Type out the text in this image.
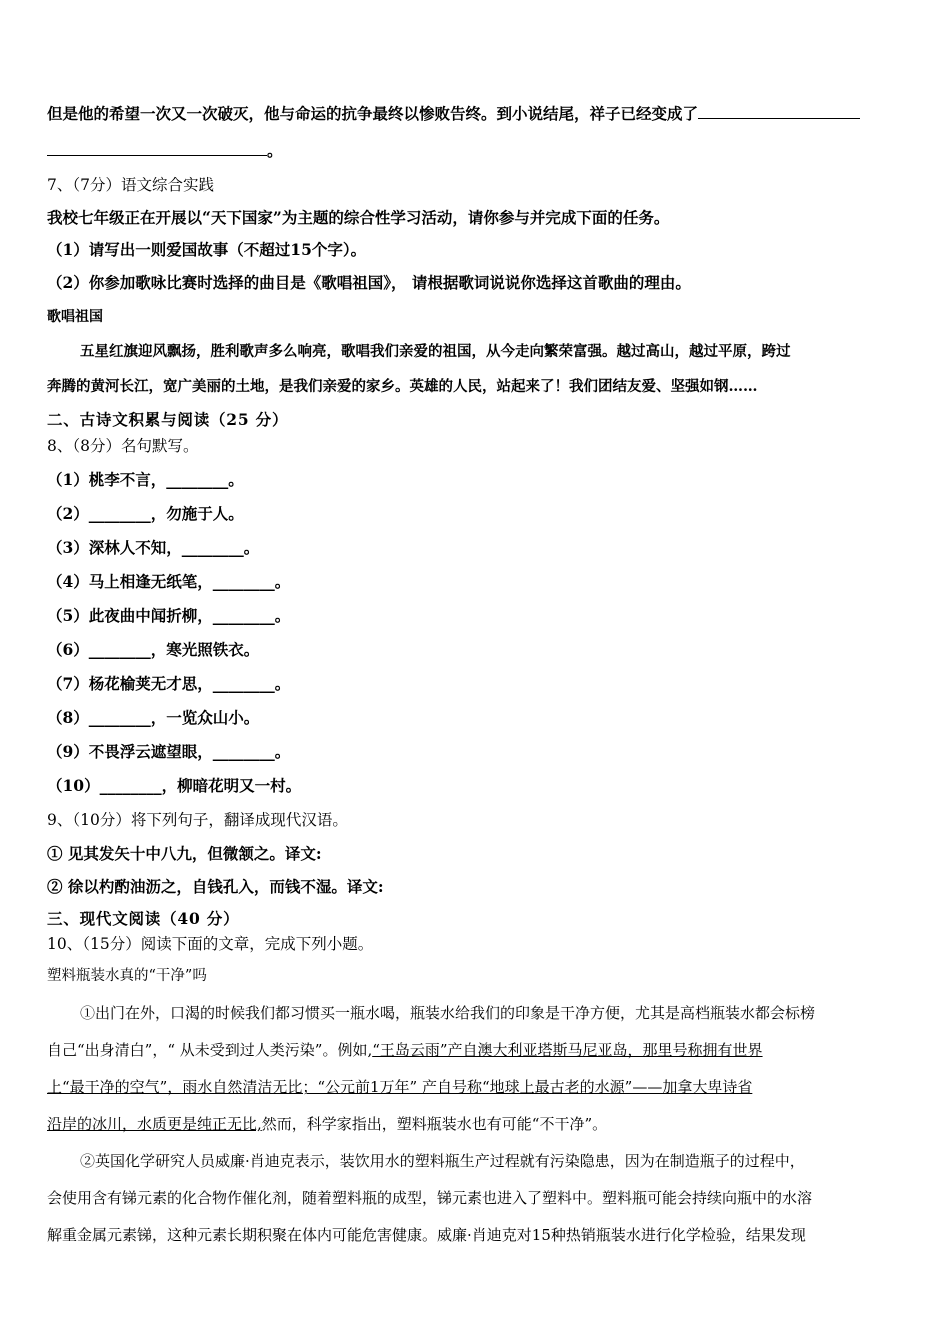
但是他的希望一次又一次破灭，他与命运的抗争最终以惨败告终。到小说结尾，祥子已经变成了
。
7、（7分）语文综合实践
我校七年级正在开展以“天下国家”为主题的综合性学习活动，请你参与并完成下面的任务。
（1）请写出一则爱国故事（不超过15个字）。
（2）你参加歌咏比赛时选择的曲目是《歌唱祖国》， 请根据歌词说说你选择这首歌曲的理由。
歌唱祖国
五星红旗迎风飘扬，胜利歌声多么响亮，歌唱我们亲爱的祖国，从今走向繁荣富强。越过高山，越过平原，跨过
奔腾的黄河长江，宽广美丽的土地，是我们亲爱的家乡。英雄的人民，站起来了！我们团结友爱、坚强如钢……
二、古诗文积累与阅读（25 分）
8、（8分）名句默写。
（1）桃李不言，________。
（2）________，勿施于人。
（3）深林人不知，________。
（4）马上相逢无纸笔，________。
（5）此夜曲中闻折柳，________。
（6）________，寒光照铁衣。
（7）杨花榆荚无才思，________。
（8）________，一览众山小。
（9）不畏浮云遮望眼，________。
（10）________，柳暗花明又一村。
9、（10分）将下列句子，翻译成现代汉语。
① 见其发矢十中八九，但微颔之。译文:
② 徐以杓酌油沥之，自钱孔入，而钱不湿。译文:
三、现代文阅读（40 分）
10、（15分）阅读下面的文章，完成下列小题。
塑料瓶装水真的“干净”吗
①出门在外，口渴的时候我们都习惯买一瓶水喝，瓶装水给我们的印象是干净方便，尤其是高档瓶装水都会标榜
自己“出身清白”，“ 从未受到过人类污染”。例如,“王岛云雨”产自澳大利亚塔斯马尼亚岛，那里号称拥有世界
上“最干净的空气”，雨水自然清洁无比；“公元前1万年” 产自号称“地球上最古老的水源”——加拿大卑诗省
沿岸的冰川，水质更是纯正无比,然而，科学家指出，塑料瓶装水也有可能“不干净”。
②英国化学研究人员威廉·肖迪克表示，装饮用水的塑料瓶生产过程就有污染隐患，因为在制造瓶子的过程中，
会使用含有锑元素的化合物作催化剂，随着塑料瓶的成型，锑元素也进入了塑料中。塑料瓶可能会持续向瓶中的水溶
解重金属元素锑，这种元素长期积聚在体内可能危害健康。威廉·肖迪克对15种热销瓶装水进行化学检验，结果发现
